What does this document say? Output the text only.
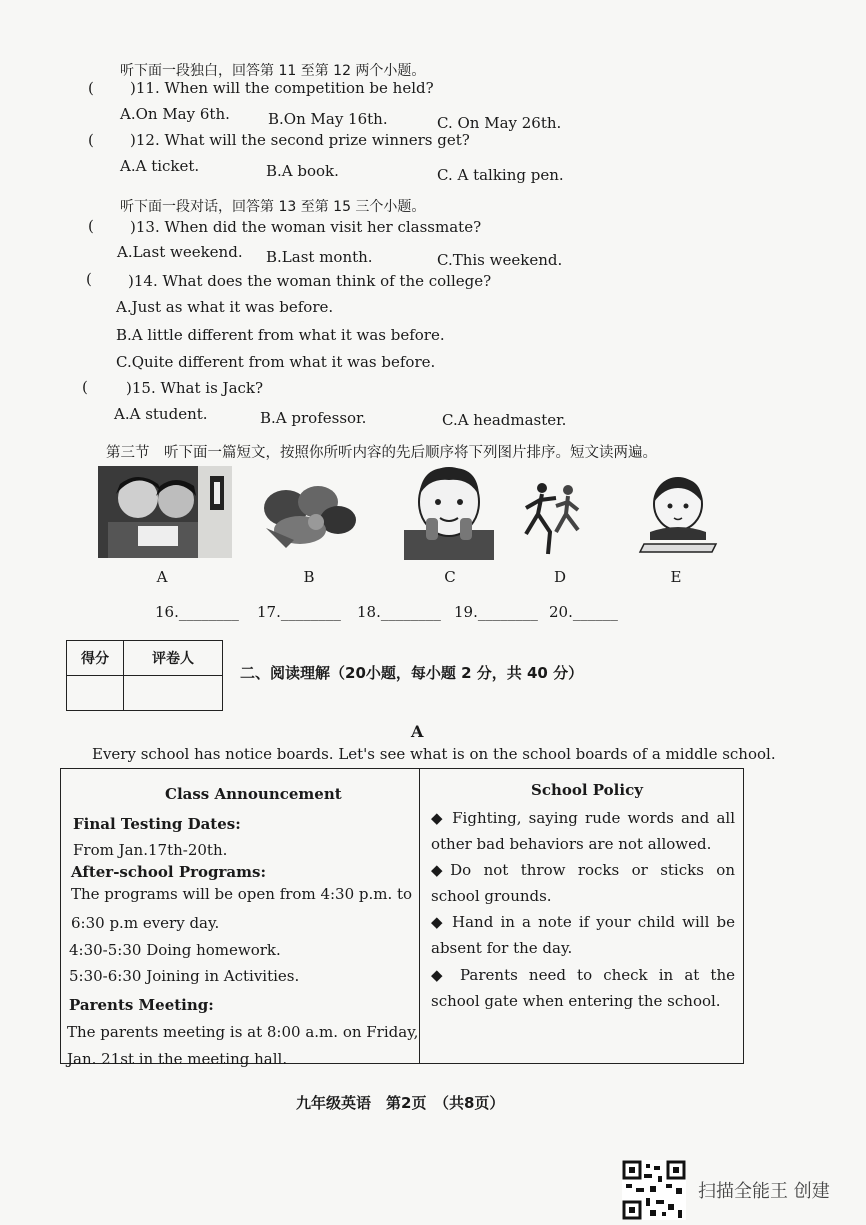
听下面一段独白，回答第 11 至第 12 两个小题。
( )11. When will the competition be held?
A.On May 6th.	B.On May 16th.	C. On May 26th.
( )12. What will the second prize winners get?
A.A ticket.	B.A book.	C. A talking pen.
听下面一段对话，回答第 13 至第 15 三个小题。
( )13. When did the woman visit her classmate?
A.Last weekend. B.Last month.	C.This weekend.
( )14. What does the woman think of the college?
A.Just as what it was before.
B.A little different from what it was before.
C.Quite different from what it was before.
(	)15. What is Jack?
A.A student.	B.A professor.	C.A headmaster.
第三节　听下面一篇短文，按照你所听内容的先后顺序将下列图片排序。短文读两遍。
A	B	C	D	E
16.________ 17.________ 18.________ 19.________ 20.______
得分	评卷人

二、阅读理解（20小题，每小题 2 分，共 40 分）
A
Every school has notice boards. Let's see what is on the school boards of a middle school.
Class Announcement
Final Testing Dates:
From Jan.17th-20th.
After-school Programs:
The programs will be open from 4:30 p.m. to
6:30 p.m every day.
4:30-5:30 Doing homework.
5:30-6:30 Joining in Activities.
Parents Meeting:
The parents meeting is at 8:00 a.m. on Friday,
Jan. 21st in the meeting hall.
School Policy
◆ Fighting, saying rude words and all other bad behaviors are not allowed.
◆Do not throw rocks or sticks on school grounds.
◆ Hand in a note if your child will be absent for the day.
◆ Parents need to check in at the school gate when entering the school.
九年级英语　第2页　（共8页）
扫描全能王 创建
